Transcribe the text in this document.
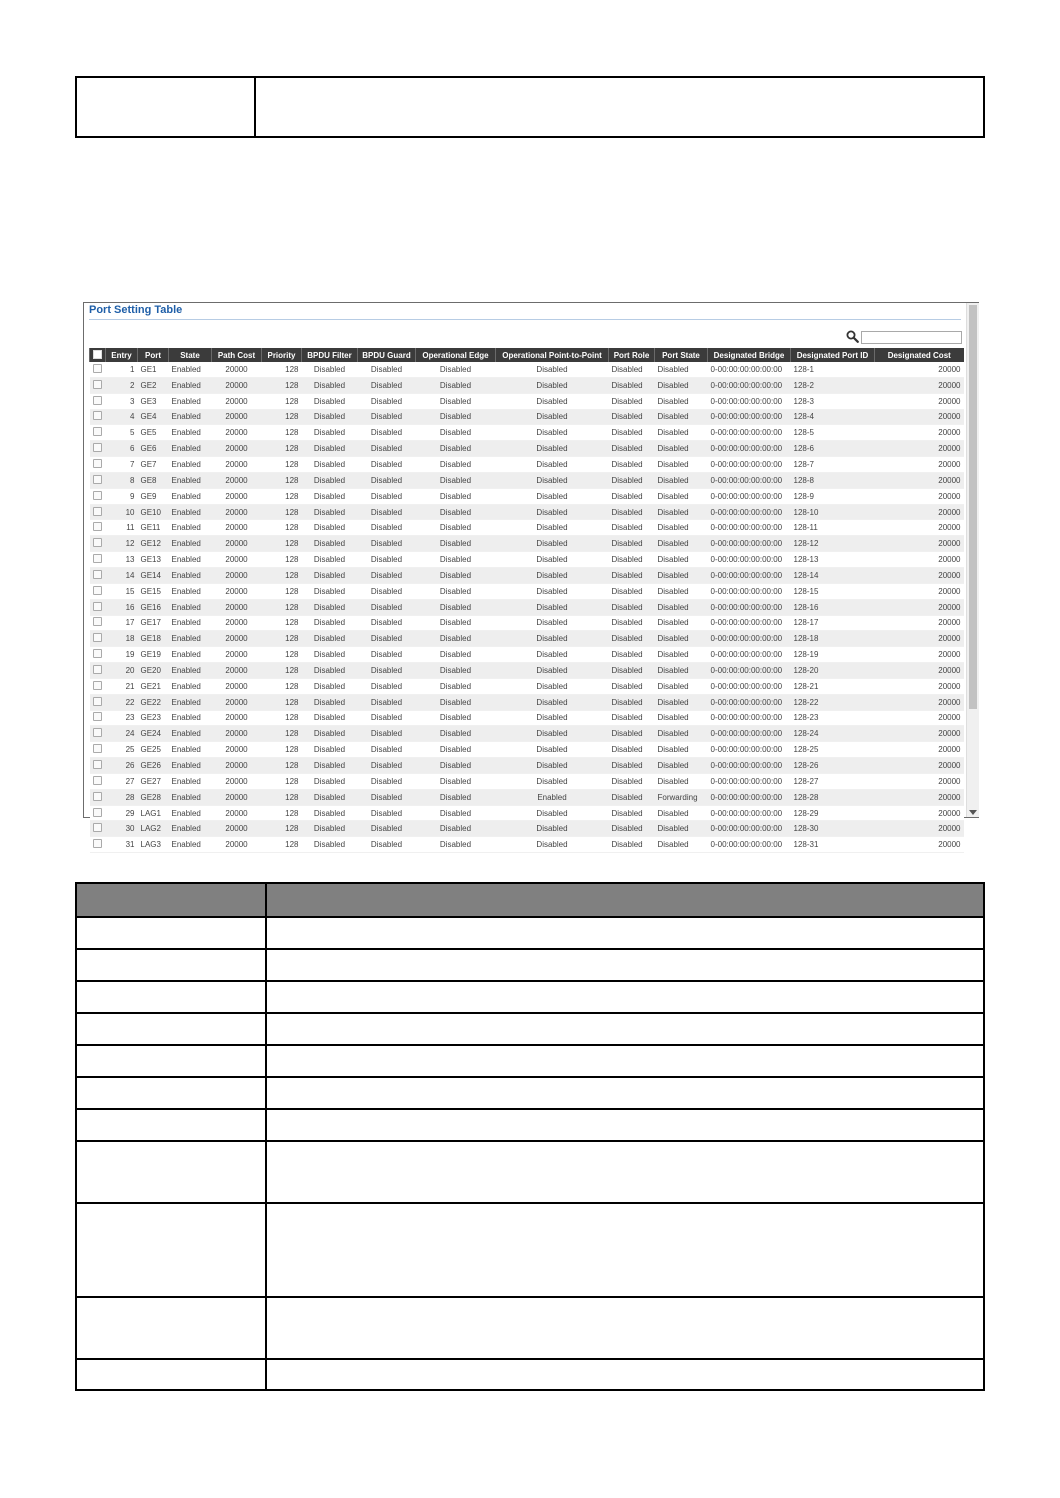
Port Setting Table
	Entry	Port	State	Path Cost	Priority	BPDU Filter	BPDU Guard	Operational Edge	Operational Point-to-Point	Port Role	Port State	Designated Bridge	Designated Port ID	Designated Cost
	1	GE1	Enabled	20000	128	Disabled	Disabled	Disabled	Disabled	Disabled	Disabled	0-00:00:00:00:00:00	128-1	20000
	2	GE2	Enabled	20000	128	Disabled	Disabled	Disabled	Disabled	Disabled	Disabled	0-00:00:00:00:00:00	128-2	20000
	3	GE3	Enabled	20000	128	Disabled	Disabled	Disabled	Disabled	Disabled	Disabled	0-00:00:00:00:00:00	128-3	20000
	4	GE4	Enabled	20000	128	Disabled	Disabled	Disabled	Disabled	Disabled	Disabled	0-00:00:00:00:00:00	128-4	20000
	5	GE5	Enabled	20000	128	Disabled	Disabled	Disabled	Disabled	Disabled	Disabled	0-00:00:00:00:00:00	128-5	20000
	6	GE6	Enabled	20000	128	Disabled	Disabled	Disabled	Disabled	Disabled	Disabled	0-00:00:00:00:00:00	128-6	20000
	7	GE7	Enabled	20000	128	Disabled	Disabled	Disabled	Disabled	Disabled	Disabled	0-00:00:00:00:00:00	128-7	20000
	8	GE8	Enabled	20000	128	Disabled	Disabled	Disabled	Disabled	Disabled	Disabled	0-00:00:00:00:00:00	128-8	20000
	9	GE9	Enabled	20000	128	Disabled	Disabled	Disabled	Disabled	Disabled	Disabled	0-00:00:00:00:00:00	128-9	20000
	10	GE10	Enabled	20000	128	Disabled	Disabled	Disabled	Disabled	Disabled	Disabled	0-00:00:00:00:00:00	128-10	20000
	11	GE11	Enabled	20000	128	Disabled	Disabled	Disabled	Disabled	Disabled	Disabled	0-00:00:00:00:00:00	128-11	20000
	12	GE12	Enabled	20000	128	Disabled	Disabled	Disabled	Disabled	Disabled	Disabled	0-00:00:00:00:00:00	128-12	20000
	13	GE13	Enabled	20000	128	Disabled	Disabled	Disabled	Disabled	Disabled	Disabled	0-00:00:00:00:00:00	128-13	20000
	14	GE14	Enabled	20000	128	Disabled	Disabled	Disabled	Disabled	Disabled	Disabled	0-00:00:00:00:00:00	128-14	20000
	15	GE15	Enabled	20000	128	Disabled	Disabled	Disabled	Disabled	Disabled	Disabled	0-00:00:00:00:00:00	128-15	20000
	16	GE16	Enabled	20000	128	Disabled	Disabled	Disabled	Disabled	Disabled	Disabled	0-00:00:00:00:00:00	128-16	20000
	17	GE17	Enabled	20000	128	Disabled	Disabled	Disabled	Disabled	Disabled	Disabled	0-00:00:00:00:00:00	128-17	20000
	18	GE18	Enabled	20000	128	Disabled	Disabled	Disabled	Disabled	Disabled	Disabled	0-00:00:00:00:00:00	128-18	20000
	19	GE19	Enabled	20000	128	Disabled	Disabled	Disabled	Disabled	Disabled	Disabled	0-00:00:00:00:00:00	128-19	20000
	20	GE20	Enabled	20000	128	Disabled	Disabled	Disabled	Disabled	Disabled	Disabled	0-00:00:00:00:00:00	128-20	20000
	21	GE21	Enabled	20000	128	Disabled	Disabled	Disabled	Disabled	Disabled	Disabled	0-00:00:00:00:00:00	128-21	20000
	22	GE22	Enabled	20000	128	Disabled	Disabled	Disabled	Disabled	Disabled	Disabled	0-00:00:00:00:00:00	128-22	20000
	23	GE23	Enabled	20000	128	Disabled	Disabled	Disabled	Disabled	Disabled	Disabled	0-00:00:00:00:00:00	128-23	20000
	24	GE24	Enabled	20000	128	Disabled	Disabled	Disabled	Disabled	Disabled	Disabled	0-00:00:00:00:00:00	128-24	20000
	25	GE25	Enabled	20000	128	Disabled	Disabled	Disabled	Disabled	Disabled	Disabled	0-00:00:00:00:00:00	128-25	20000
	26	GE26	Enabled	20000	128	Disabled	Disabled	Disabled	Disabled	Disabled	Disabled	0-00:00:00:00:00:00	128-26	20000
	27	GE27	Enabled	20000	128	Disabled	Disabled	Disabled	Disabled	Disabled	Disabled	0-00:00:00:00:00:00	128-27	20000
	28	GE28	Enabled	20000	128	Disabled	Disabled	Disabled	Enabled	Disabled	Forwarding	0-00:00:00:00:00:00	128-28	20000
	29	LAG1	Enabled	20000	128	Disabled	Disabled	Disabled	Disabled	Disabled	Disabled	0-00:00:00:00:00:00	128-29	20000
	30	LAG2	Enabled	20000	128	Disabled	Disabled	Disabled	Disabled	Disabled	Disabled	0-00:00:00:00:00:00	128-30	20000
	31	LAG3	Enabled	20000	128	Disabled	Disabled	Disabled	Disabled	Disabled	Disabled	0-00:00:00:00:00:00	128-31	20000
